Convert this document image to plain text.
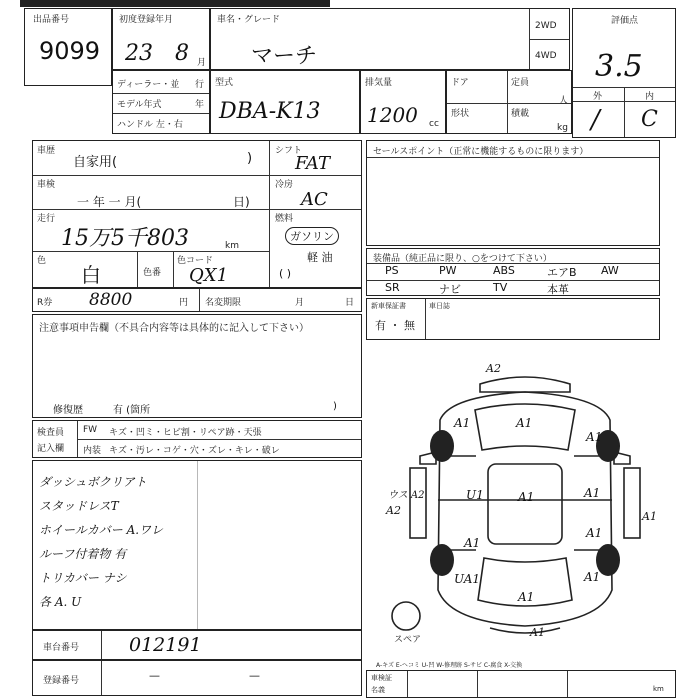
出品番号
9099
初度登録年月
23 8 月
車名・グレード
マーチ
2WD
4WD
評価点
3.5
外	内
/ C
ディーラー・並 行
モデル年式	年
ハンドル 左・右
型式
DBA-K13
排気量
1200 cc
ドア	定員
人
形状	積載
kg
車歴
自家用(	)
車検
一 年 一 月(	日)
走行
15万5千803	km
色
白	色番
色コード
QX1
シフト
FAT
冷房
AC
燃料
ガソリン
軽 油
( )
R券 8800	円 名変期限	月	日
注意事項申告欄（不具合内容等は具体的に記入して下さい）
修復歴	有 (箇所	)
検査員
記入欄
FW キズ・凹ミ・ヒビ割・リペア跡・天張
内装 キズ・汚レ・コゲ・穴・ズレ・キレ・破レ
ダッシュボクリアト
スタッドレスT
ホイールカバー A.ワレ
ルーフ付着物 有
トリカバー ナシ
各 A. U
車台番号	012191
登録番号	—	—
セールスポイント（正常に機能するものに限ります）
装備品（純正品に限り、○をつけて下さい）
PS	PW	ABS	エアB AW
SR	ナビ	TV	本革
新車保証書	車日誌
有 ・ 無
A2
A1	A1
A1
U1	A1	A1
A1
A2
A1
UA1
A1
A1
A1
A1
ウス A2
スペア
A-キズ E-ヘコミ U-凹 W-修理跡 S-サビ C-腐食 X-交換
車検証
名義	km
